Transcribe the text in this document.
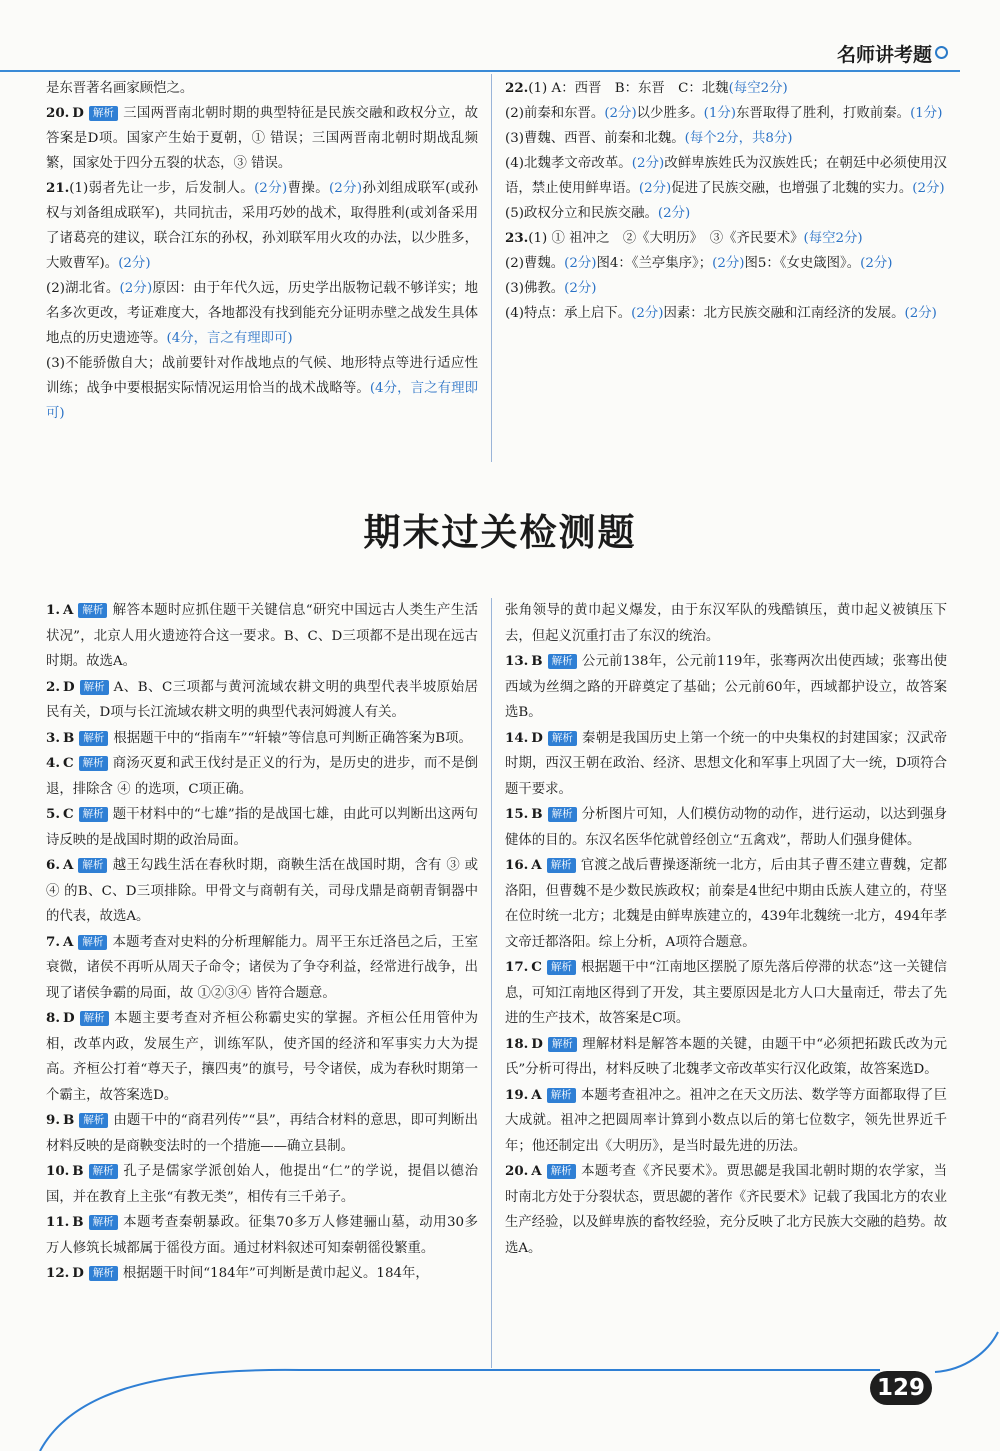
名师讲考题

是东晋著名画家顾恺之。

20. D 解析 三国两晋南北朝时期的典型特征是民族交融和政权分立，故答案是D项。国家产生始于夏朝，① 错误；三国两晋南北朝时期战乱频繁，国家处于四分五裂的状态，③ 错误。

21.(1)弱者先让一步，后发制人。(2分)曹操。(2分)孙刘组成联军(或孙权与刘备组成联军)，共同抗击，采用巧妙的战术，取得胜利(或刘备采用了诸葛亮的建议，联合江东的孙权，孙刘联军用火攻的办法，以少胜多，大败曹军)。(2分)

(2)湖北省。(2分)原因：由于年代久远，历史学出版物记载不够详实；地名多次更改，考证难度大，各地都没有找到能充分证明赤壁之战发生具体地点的历史遗迹等。(4分，言之有理即可)

(3)不能骄傲自大；战前要针对作战地点的气候、地形特点等进行适应性训练；战争中要根据实际情况运用恰当的战术战略等。(4分，言之有理即可)

22.(1) A：西晋　B：东晋　C：北魏(每空2分)

(2)前秦和东晋。(2分)以少胜多。(1分)东晋取得了胜利，打败前秦。(1分)

(3)曹魏、西晋、前秦和北魏。(每个2分，共8分)

(4)北魏孝文帝改革。(2分)改鲜卑族姓氏为汉族姓氏；在朝廷中必须使用汉语，禁止使用鲜卑语。(2分)促进了民族交融，也增强了北魏的实力。(2分)

(5)政权分立和民族交融。(2分)

23.(1) ① 祖冲之　②《大明历》　③《齐民要术》(每空2分)

(2)曹魏。(2分)图4：《兰亭集序》；(2分)图5：《女史箴图》。(2分)

(3)佛教。(2分)

(4)特点：承上启下。(2分)因素：北方民族交融和江南经济的发展。(2分)

期末过关检测题

1. A 解析 解答本题时应抓住题干关键信息“研究中国远古人类生产生活状况”，北京人用火遗迹符合这一要求。B、C、D三项都不是出现在远古时期。故选A。

2. D 解析 A、B、C三项都与黄河流域农耕文明的典型代表半坡原始居民有关，D项与长江流域农耕文明的典型代表河姆渡人有关。

3. B 解析 根据题干中的“指南车”“轩辕”等信息可判断正确答案为B项。

4. C 解析 商汤灭夏和武王伐纣是正义的行为，是历史的进步，而不是倒退，排除含 ④ 的选项，C项正确。

5. C 解析 题干材料中的“七雄”指的是战国七雄，由此可以判断出这两句诗反映的是战国时期的政治局面。

6. A 解析 越王勾践生活在春秋时期，商鞅生活在战国时期，含有 ③ 或 ④ 的B、C、D三项排除。甲骨文与商朝有关，司母戊鼎是商朝青铜器中的代表，故选A。

7. A 解析 本题考查对史料的分析理解能力。周平王东迁洛邑之后，王室衰微，诸侯不再听从周天子命令；诸侯为了争夺利益，经常进行战争，出现了诸侯争霸的局面，故 ①②③④ 皆符合题意。

8. D 解析 本题主要考查对齐桓公称霸史实的掌握。齐桓公任用管仲为相，改革内政，发展生产，训练军队，使齐国的经济和军事实力大为提高。齐桓公打着“尊天子，攘四夷”的旗号，号令诸侯，成为春秋时期第一个霸主，故答案选D。

9. B 解析 由题干中的“商君列传”“县”，再结合材料的意思，即可判断出材料反映的是商鞅变法时的一个措施——确立县制。

10. B 解析 孔子是儒家学派创始人，他提出“仁”的学说，提倡以德治国，并在教育上主张“有教无类”，相传有三千弟子。

11. B 解析 本题考查秦朝暴政。征集70多万人修建骊山墓，动用30多万人修筑长城都属于徭役方面。通过材料叙述可知秦朝徭役繁重。

12. D 解析 根据题干时间“184年”可判断是黄巾起义。184年，

张角领导的黄巾起义爆发，由于东汉军队的残酷镇压，黄巾起义被镇压下去，但起义沉重打击了东汉的统治。

13. B 解析 公元前138年，公元前119年，张骞两次出使西域；张骞出使西域为丝绸之路的开辟奠定了基础；公元前60年，西域都护设立，故答案选B。

14. D 解析 秦朝是我国历史上第一个统一的中央集权的封建国家；汉武帝时期，西汉王朝在政治、经济、思想文化和军事上巩固了大一统，D项符合题干要求。

15. B 解析 分析图片可知，人们模仿动物的动作，进行运动，以达到强身健体的目的。东汉名医华佗就曾经创立“五禽戏”，帮助人们强身健体。

16. A 解析 官渡之战后曹操逐渐统一北方，后由其子曹丕建立曹魏，定都洛阳，但曹魏不是少数民族政权；前秦是4世纪中期由氐族人建立的，苻坚在位时统一北方；北魏是由鲜卑族建立的，439年北魏统一北方，494年孝文帝迁都洛阳。综上分析，A项符合题意。

17. C 解析 根据题干中“江南地区摆脱了原先落后停滞的状态”这一关键信息，可知江南地区得到了开发，其主要原因是北方人口大量南迁，带去了先进的生产技术，故答案是C项。

18. D 解析 理解材料是解答本题的关键，由题干中“必须把拓跋氏改为元氏”分析可得出，材料反映了北魏孝文帝改革实行汉化政策，故答案选D。

19. A 解析 本题考查祖冲之。祖冲之在天文历法、数学等方面都取得了巨大成就。祖冲之把圆周率计算到小数点以后的第七位数字，领先世界近千年；他还制定出《大明历》，是当时最先进的历法。

20. A 解析 本题考查《齐民要术》。贾思勰是我国北朝时期的农学家，当时南北方处于分裂状态，贾思勰的著作《齐民要术》记载了我国北方的农业生产经验，以及鲜卑族的畜牧经验，充分反映了北方民族大交融的趋势。故选A。

129
